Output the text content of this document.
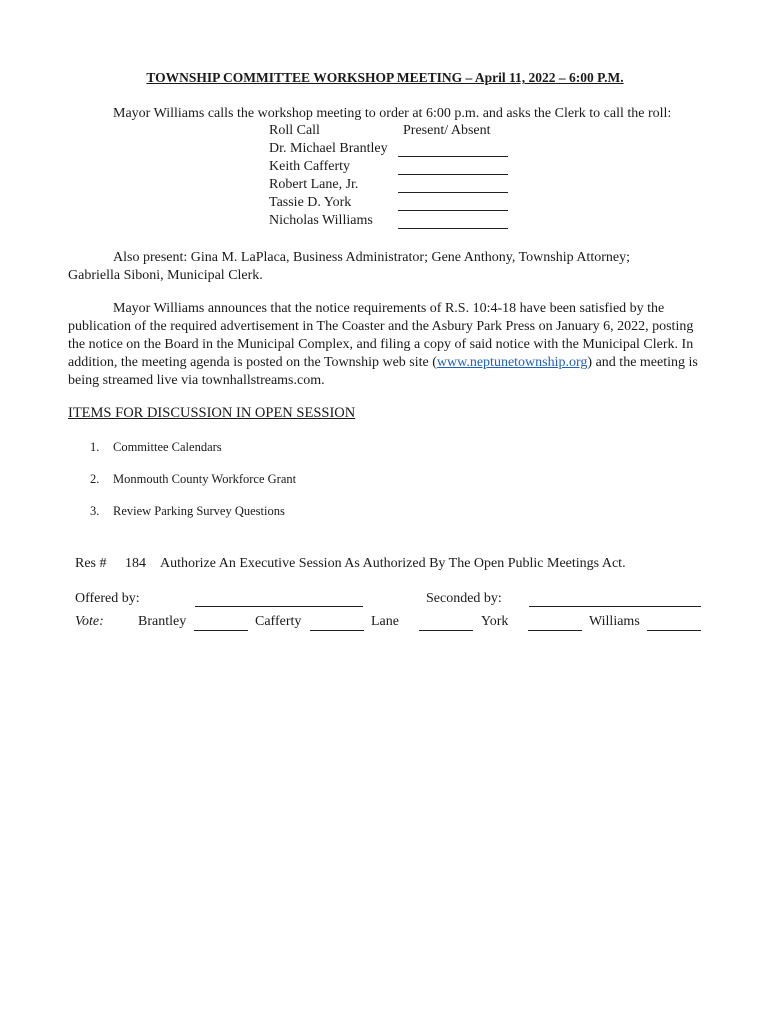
TOWNSHIP COMMITTEE WORKSHOP MEETING – April 11, 2022 – 6:00 P.M.
Mayor Williams calls the workshop meeting to order at 6:00 p.m. and asks the Clerk to call the roll:
Roll Call	Present/ Absent
Dr. Michael Brantley
Keith Cafferty
Robert Lane, Jr.
Tassie D. York
Nicholas Williams
Also present: Gina M. LaPlaca, Business Administrator; Gene Anthony, Township Attorney; Gabriella Siboni, Municipal Clerk.
Mayor Williams announces that the notice requirements of R.S. 10:4-18 have been satisfied by the publication of the required advertisement in The Coaster and the Asbury Park Press on January 6, 2022, posting the notice on the Board in the Municipal Complex, and filing a copy of said notice with the Municipal Clerk. In addition, the meeting agenda is posted on the Township web site (www.neptunetownship.org) and the meeting is being streamed live via townhallstreams.com.
ITEMS FOR DISCUSSION IN OPEN SESSION
1. Committee Calendars
2. Monmouth County Workforce Grant
3. Review Parking Survey Questions
Res # 184 Authorize An Executive Session As Authorized By The Open Public Meetings Act.
Offered by:	Seconded by:
Vote: Brantley	Cafferty	Lane	York	Williams
